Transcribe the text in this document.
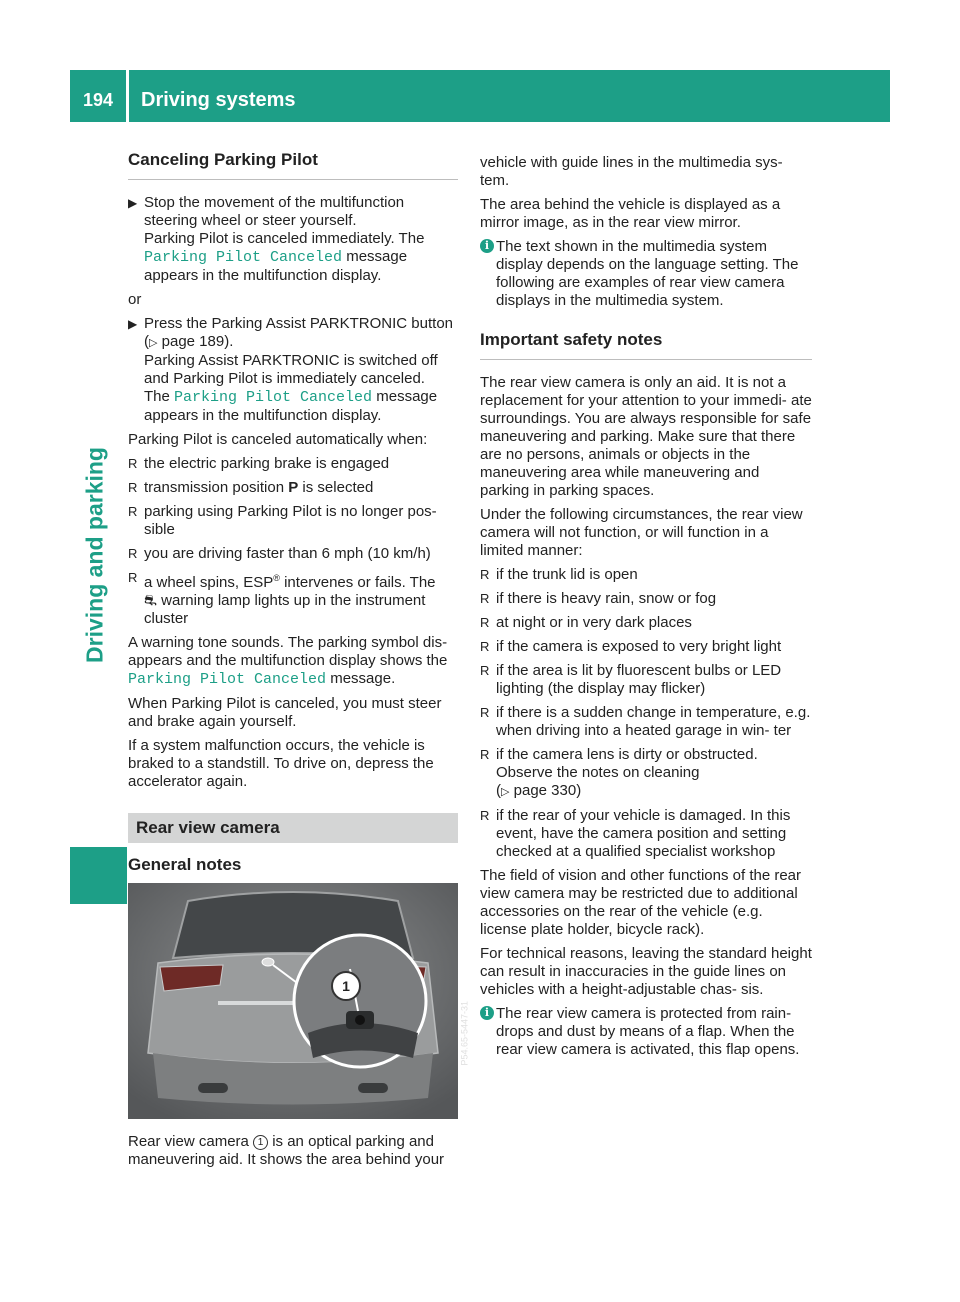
194	Driving systems
Driving and parking
Canceling Parking Pilot
▶ Stop the movement of the multifunction steering wheel or steer yourself.
Parking Pilot is canceled immediately. The Parking Pilot Canceled message appears in the multifunction display.

or

▶ Press the Parking Assist PARKTRONIC button
(▷ page 189).
Parking Assist PARKTRONIC is switched off and Parking Pilot is immediately canceled.
The Parking Pilot Canceled message appears in the multifunction display.

Parking Pilot is canceled automatically when:

R the electric parking brake is engaged
R transmission position P is selected
R parking using Parking Pilot is no longer pos- sible
R you are driving faster than 6 mph (10 km/h)
R a wheel spins, ESP® intervenes or fails. The
⛐ warning lamp lights up in the instrument cluster

A warning tone sounds. The parking symbol dis- appears and the multifunction display shows the Parking Pilot Canceled message.

When Parking Pilot is canceled, you must steer and brake again yourself.

If a system malfunction occurs, the vehicle is braked to a standstill. To drive on, depress the accelerator again.

Rear view camera
General notes
1
P54.65-5447-31

Rear view camera 1 is an optical parking and maneuvering aid. It shows the area behind your

vehicle with guide lines in the multimedia sys- tem.

The area behind the vehicle is displayed as a mirror image, as in the rear view mirror.

i The text shown in the multimedia system display depends on the language setting. The following are examples of rear view camera displays in the multimedia system.
Important safety notes

The rear view camera is only an aid. It is not a replacement for your attention to your immedi- ate surroundings. You are always responsible for safe maneuvering and parking. Make sure that there are no persons, animals or objects in the maneuvering area while maneuvering and parking in parking spaces.

Under the following circumstances, the rear view camera will not function, or will function in a limited manner:

R if the trunk lid is open
R if there is heavy rain, snow or fog
R at night or in very dark places
R if the camera is exposed to very bright light
R if the area is lit by fluorescent bulbs or LED lighting (the display may flicker)
R if there is a sudden change in temperature, e.g. when driving into a heated garage in win- ter
R if the camera lens is dirty or obstructed. Observe the notes on cleaning
(▷ page 330)
R if the rear of your vehicle is damaged. In this event, have the camera position and setting checked at a qualified specialist workshop

The field of vision and other functions of the rear view camera may be restricted due to additional accessories on the rear of the vehicle (e.g. license plate holder, bicycle rack).

For technical reasons, leaving the standard height can result in inaccuracies in the guide lines on vehicles with a height-adjustable chas- sis.

i The rear view camera is protected from rain- drops and dust by means of a flap. When the rear view camera is activated, this flap opens.
